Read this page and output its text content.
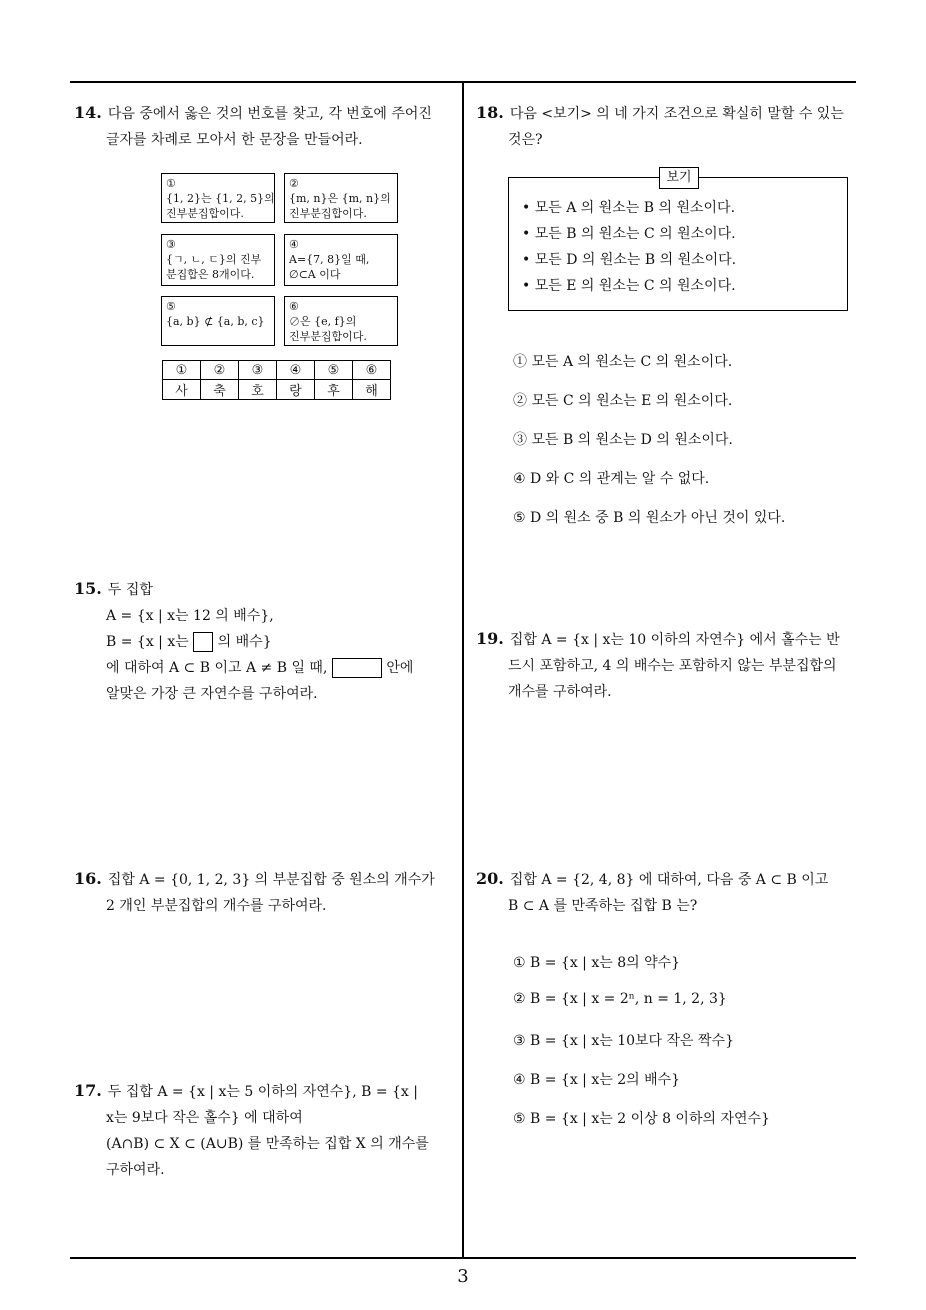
14. 다음 중에서 옳은 것의 번호를 찾고, 각 번호에 주어진
글자를 차례로 모아서 한 문장을 만들어라.
①
{1, 2}는 {1, 2, 5}의
진부분집합이다.
②
{m, n}은 {m, n}의
진부분집합이다.
③
{ㄱ, ㄴ, ㄷ}의 진부
분집합은 8개이다.
④
A={7, 8}일 때,
∅⊂A 이다
⑤
{a, b} ⊄ {a, b, c}
⑥
∅은 {e, f}의
진부분집합이다.
①	②	③	④	⑤	⑥
사	축	호	랑	후	해
15. 두 집합
A = {x | x는 12 의 배수},
B = {x | x는 의 배수}
에 대하여 A ⊂ B 이고 A ≠ B 일 때,	안에
알맞은 가장 큰 자연수를 구하여라.
16. 집합 A = {0, 1, 2, 3} 의 부분집합 중 원소의 개수가
2 개인 부분집합의 개수를 구하여라.
17. 두 집합 A = {x | x는 5 이하의 자연수}, B = {x |
x는 9보다 작은 홀수} 에 대하여
(A∩B) ⊂ X ⊂ (A∪B) 를 만족하는 집합 X 의 개수를
구하여라.
18. 다음 <보기> 의 네 가지 조건으로 확실히 말할 수 있는
것은?
보기
• 모든 A 의 원소는 B 의 원소이다.
• 모든 B 의 원소는 C 의 원소이다.
• 모든 D 의 원소는 B 의 원소이다.
• 모든 E 의 원소는 C 의 원소이다.
① 모든 A 의 원소는 C 의 원소이다.
② 모든 C 의 원소는 E 의 원소이다.
③ 모든 B 의 원소는 D 의 원소이다.
④ D 와 C 의 관계는 알 수 없다.
⑤ D 의 원소 중 B 의 원소가 아닌 것이 있다.
19. 집합 A = {x | x는 10 이하의 자연수} 에서 홀수는 반
드시 포함하고, 4 의 배수는 포함하지 않는 부분집합의
개수를 구하여라.
20. 집합 A = {2, 4, 8} 에 대하여, 다음 중 A ⊂ B 이고
B ⊂ A 를 만족하는 집합 B 는?
① B = {x | x는 8의 약수}
② B = {x | x = 2ⁿ, n = 1, 2, 3}
③ B = {x | x는 10보다 작은 짝수}
④ B = {x | x는 2의 배수}
⑤ B = {x | x는 2 이상 8 이하의 자연수}
3
